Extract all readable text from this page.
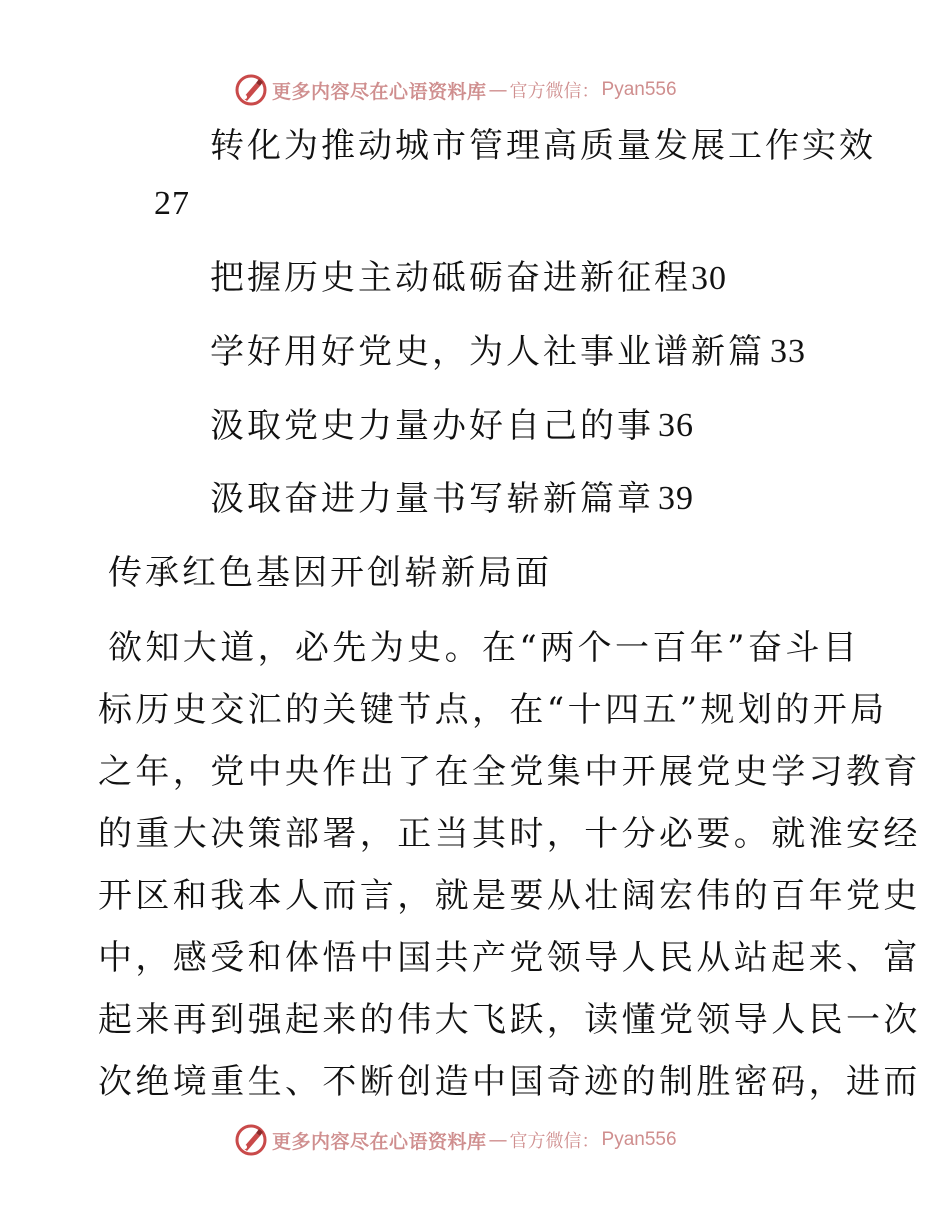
更多内容尽在心语资料库 — 官方微信： Pyan556
转化为推动城市管理高质量发展工作实效
27
把握历史主动砥砺奋进新征程30
学好用好党史，为人社事业谱新篇 33
汲取党史力量办好自己的事 36
汲取奋进力量书写崭新篇章 39
传承红色基因开创崭新局面
欲知大道，必先为史。在“两个一百年”奋斗目
标历史交汇的关键节点，在“十四五”规划的开局
之年，党中央作出了在全党集中开展党史学习教育
的重大决策部署，正当其时，十分必要。就淮安经
开区和我本人而言，就是要从壮阔宏伟的百年党史
中，感受和体悟中国共产党领导人民从站起来、富
起来再到强起来的伟大飞跃，读懂党领导人民一次
次绝境重生、不断创造中国奇迹的制胜密码，进而
更多内容尽在心语资料库 — 官方微信： Pyan556
